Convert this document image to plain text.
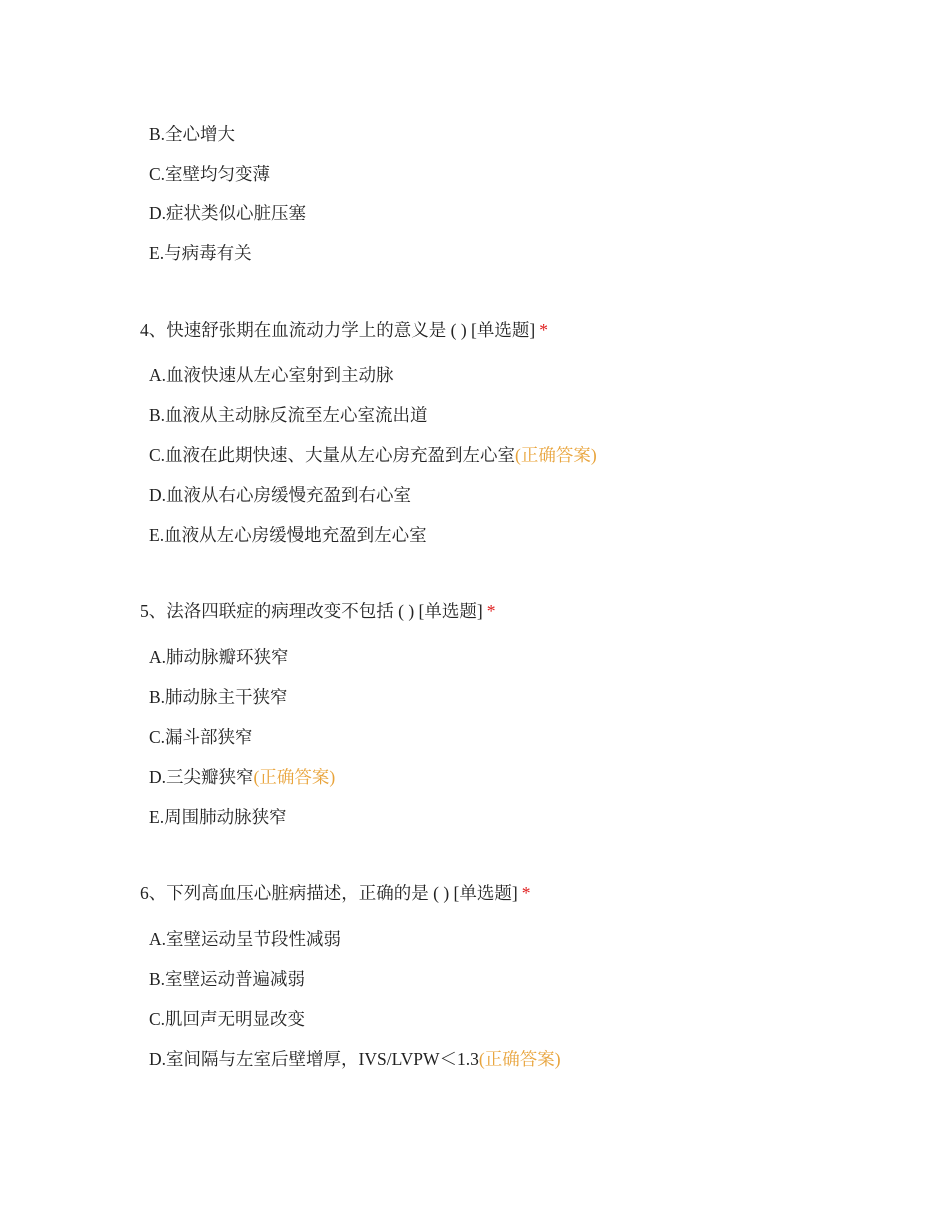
B.全心增大
C.室壁均匀变薄
D.症状类似心脏压塞
E.与病毒有关
4、快速舒张期在血流动力学上的意义是 ( ) [单选题] *
A.血液快速从左心室射到主动脉
B.血液从主动脉反流至左心室流出道
C.血液在此期快速、大量从左心房充盈到左心室(正确答案)
D.血液从右心房缓慢充盈到右心室
E.血液从左心房缓慢地充盈到左心室
5、法洛四联症的病理改变不包括 ( ) [单选题] *
A.肺动脉瓣环狭窄
B.肺动脉主干狭窄
C.漏斗部狭窄
D.三尖瓣狭窄(正确答案)
E.周围肺动脉狭窄
6、下列高血压心脏病描述，正确的是 ( ) [单选题] *
A.室壁运动呈节段性减弱
B.室壁运动普遍减弱
C.肌回声无明显改变
D.室间隔与左室后壁增厚，IVS/LVPW＜1.3(正确答案)
